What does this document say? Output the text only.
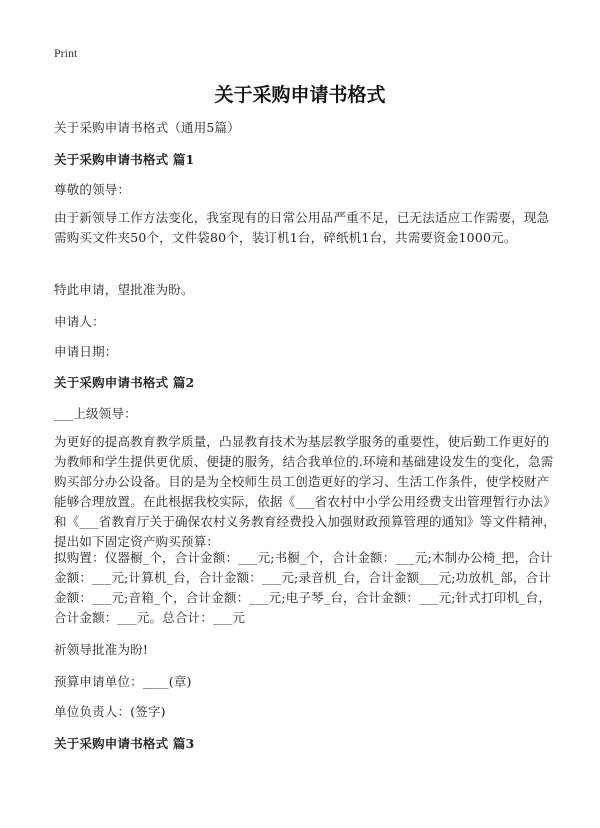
Print
关于采购申请书格式
关于采购申请书格式（通用5篇）
关于采购申请书格式 篇1
尊敬的领导：
由于新领导工作方法变化，我室现有的日常公用品严重不足，已无法适应工作需要，现急需购买文件夹50个，文件袋80个，装订机1台，碎纸机1台，共需要资金1000元。
特此申请，望批准为盼。
申请人：
申请日期：
关于采购申请书格式 篇2
___上级领导：
为更好的提高教育教学质量，凸显教育技术为基层教学服务的重要性，使后勤工作更好的为教师和学生提供更优质、便捷的服务，结合我单位的.环境和基础建设发生的变化，急需购买部分办公设备。目的是为全校师生员工创造更好的学习、生活工作条件，使学校财产能够合理放置。在此根据我校实际，依据《___省农村中小学公用经费支出管理暂行办法》和《___省教育厅关于确保农村义务教育经费投入加强财政预算管理的通知》等文件精神，提出如下固定资产购买预算：
拟购置：仪器橱_个，合计金额：___元;书橱_个，合计金额：___元;木制办公椅_把，合计金额：___元;计算机_台，合计金额：___元;录音机_台，合计金额___元;功放机_部，合计金额：___元;音箱_个，合计金额：___元;电子琴_台，合计金额：___元;针式打印机_台，合计金额：___元。总合计：___元
祈领导批准为盼!
预算申请单位：____(章)
单位负责人：(签字)
关于采购申请书格式 篇3
